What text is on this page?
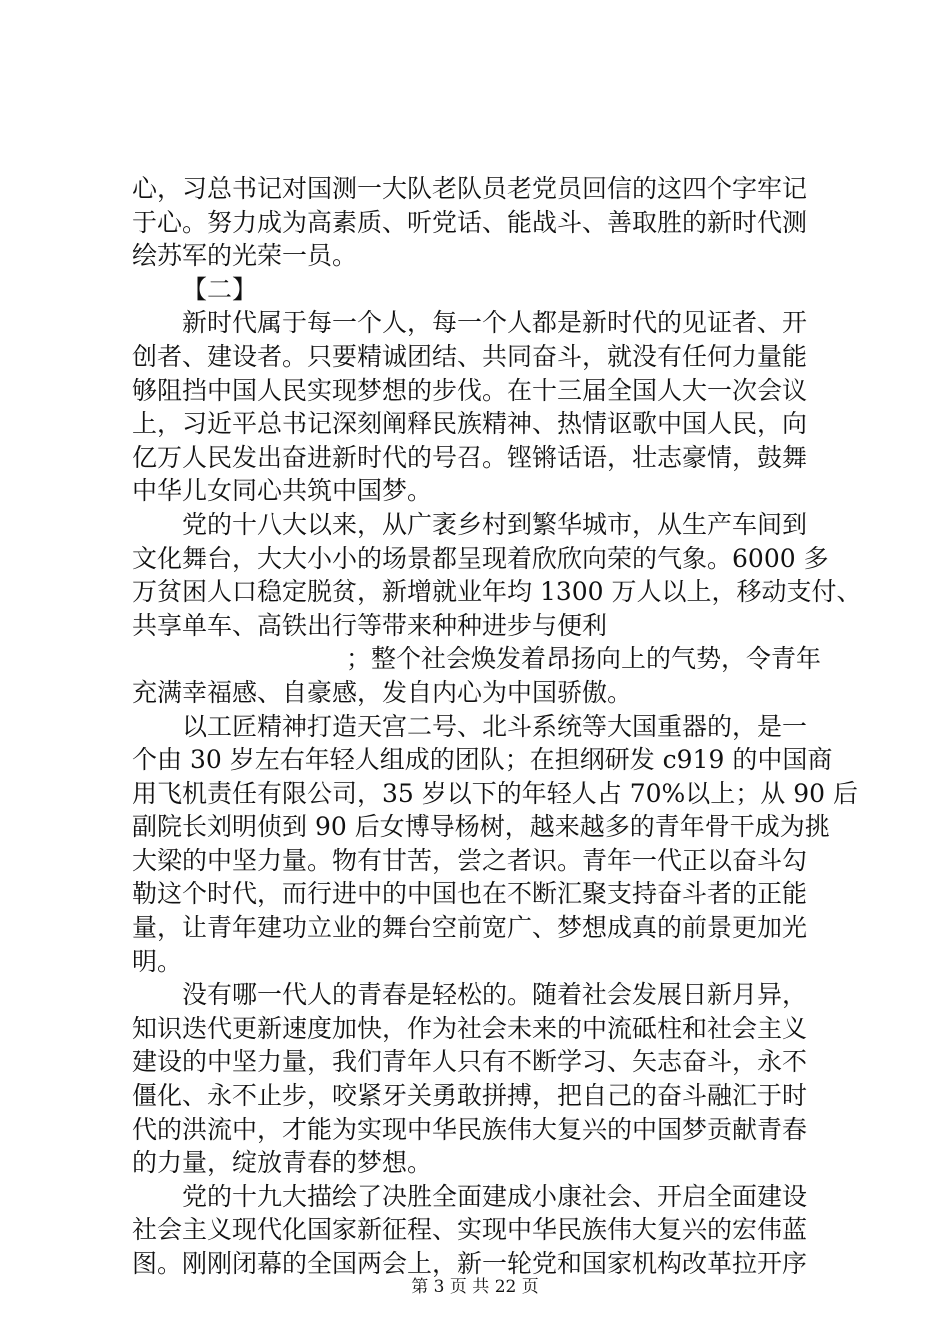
心，习总书记对国测一大队老队员老党员回信的这四个字牢记
于心。努力成为高素质、听党话、能战斗、善取胜的新时代测
绘苏军的光荣一员。
【二】
新时代属于每一个人，每一个人都是新时代的见证者、开
创者、建设者。只要精诚团结、共同奋斗，就没有任何力量能
够阻挡中国人民实现梦想的步伐。在十三届全国人大一次会议
上，习近平总书记深刻阐释民族精神、热情讴歌中国人民，向
亿万人民发出奋进新时代的号召。铿锵话语，壮志豪情，鼓舞
中华儿女同心共筑中国梦。
党的十八大以来，从广袤乡村到繁华城市，从生产车间到
文化舞台，大大小小的场景都呈现着欣欣向荣的气象。6000 多
万贫困人口稳定脱贫，新增就业年均 1300 万人以上，移动支付、
共享单车、高铁出行等带来种种进步与便利
；整个社会焕发着昂扬向上的气势，令青年
充满幸福感、自豪感，发自内心为中国骄傲。
以工匠精神打造天宫二号、北斗系统等大国重器的，是一
个由 30 岁左右年轻人组成的团队；在担纲研发 c919 的中国商
用飞机责任有限公司，35 岁以下的年轻人占 70%以上；从 90 后
副院长刘明侦到 90 后女博导杨树，越来越多的青年骨干成为挑
大梁的中坚力量。物有甘苦，尝之者识。青年一代正以奋斗勾
勒这个时代，而行进中的中国也在不断汇聚支持奋斗者的正能
量，让青年建功立业的舞台空前宽广、梦想成真的前景更加光
明。
没有哪一代人的青春是轻松的。随着社会发展日新月异，
知识迭代更新速度加快，作为社会未来的中流砥柱和社会主义
建设的中坚力量，我们青年人只有不断学习、矢志奋斗，永不
僵化、永不止步，咬紧牙关勇敢拼搏，把自己的奋斗融汇于时
代的洪流中，才能为实现中华民族伟大复兴的中国梦贡献青春
的力量，绽放青春的梦想。
党的十九大描绘了决胜全面建成小康社会、开启全面建设
社会主义现代化国家新征程、实现中华民族伟大复兴的宏伟蓝
图。刚刚闭幕的全国两会上，新一轮党和国家机构改革拉开序
第 3 页 共 22 页
